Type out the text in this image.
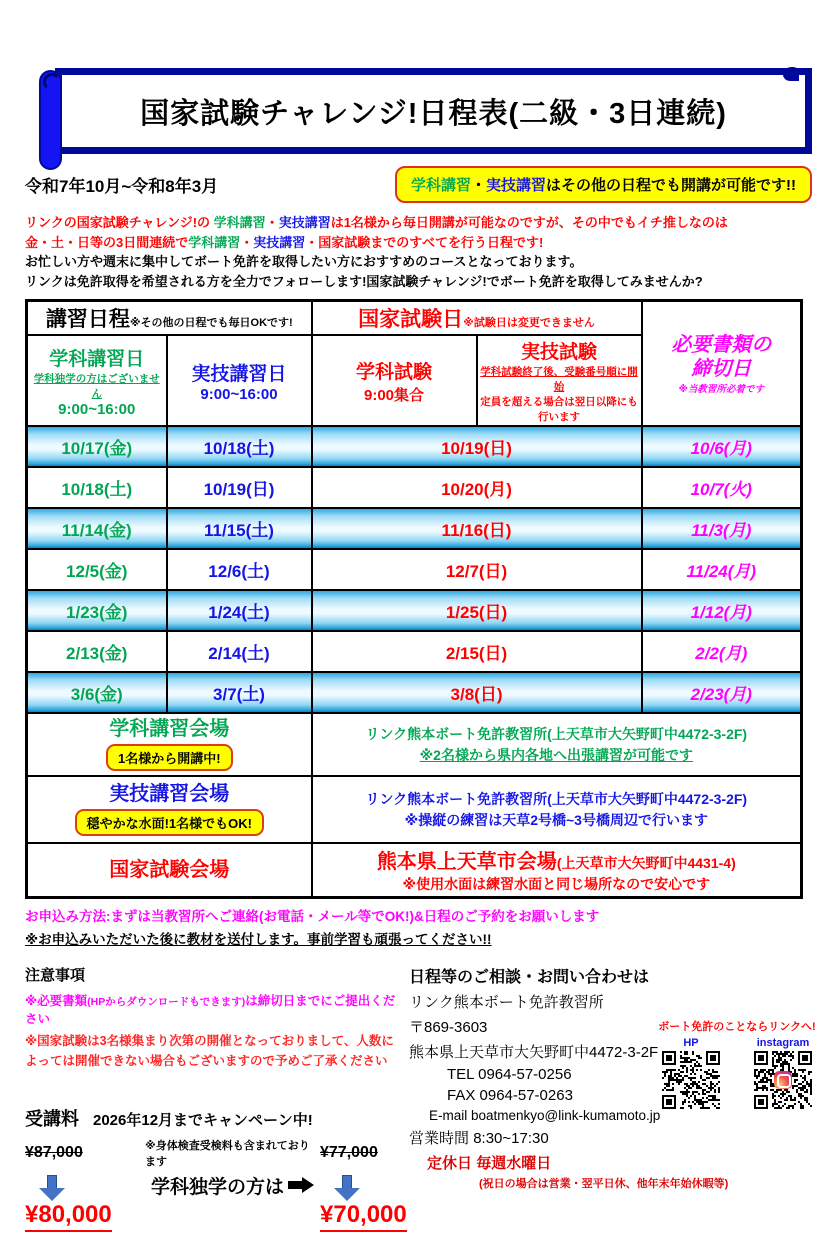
国家試験チャレンジ!日程表(二級・3日連続)
令和7年10月~令和8年3月	学科講習・実技講習はその他の日程でも開講が可能です!!
リンクの国家試験チャレンジ!の 学科講習・実技講習は1名様から毎日開講が可能なのですが、その中でもイチ推しなのは
金・土・日等の3日間連続で学科講習・実技講習・国家試験までのすべてを行う日程です!
お忙しい方や週末に集中してボート免許を取得したい方におすすめのコースとなっております。
リンクは免許取得を希望される方を全力でフォローします!国家試験チャレンジ!でボート免許を取得してみませんか?
講習日程※その他の日程でも毎日OKです!		国家試験日※試験日は変更できません		必要書類の
締切日
※当教習所必着です

学科講習日
学科独学の方はございません
9:00~16:00

実技講習日
9:00~16:00

学科試験
9:00集合

実技試験
学科試験終了後、受験番号順に開始
定員を超える場合は翌日以降にも行います

10/17(金)	10/18(土)	10/19(日)		10/6(月)
10/18(土)	10/19(日)	10/20(月)		10/7(火)
11/14(金)	11/15(土)	11/16(日)		11/3(月)
12/5(金)	12/6(土)	12/7(日)		11/24(月)
1/23(金)	1/24(土)	1/25(日)		1/12(月)
2/13(金)	2/14(土)	2/15(日)		2/2(月)
3/6(金)	3/7(土)	3/8(日)		2/23(月)

学科講習会場
1名様から開講中!

リンク熊本ボート免許教習所(上天草市大矢野町中4472-3-2F)
※2名様から県内各地へ出張講習が可能です

実技講習会場
穏やかな水面!1名様でもOK!

リンク熊本ボート免許教習所(上天草市大矢野町中4472-3-2F)
※操縦の練習は天草2号橋~3号橋周辺で行います

国家試験会場		熊本県上天草市会場(上天草市大矢野町中4431-4)
※使用水面は練習水面と同じ場所なので安心です		
お申込み方法:まずは当教習所へご連絡(お電話・メール等でOK!)&日程のご予約をお願いします
※お申込みいただいた後に教材を送付します。事前学習も頑張ってください!!
注意事項
※必要書類(HPからダウンロードもできます)は締切日までにご提出ください
※国家試験は3名様集まり次第の開催となっておりまして、人数によっては開催できない場合もございますので予めご了承ください
受講料 2026年12月までキャンペーン中!
¥87,000	※身体検査受検料も含まれております
¥77,000
学科独学の方は
¥80,000	¥70,000
日程等のご相談・お問い合わせは
リンク熊本ボート免許教習所
〒869-3603
熊本県上天草市大矢野町中4472-3-2F
TEL 0964-57-0256
FAX 0964-57-0263
E-mail boatmenkyo@link-kumamoto.jp
営業時間 8:30~17:30
定休日 毎週水曜日
(祝日の場合は営業・翌平日休、他年末年始休暇等)
ボート免許のことならリンクへ!
HP	instagram
